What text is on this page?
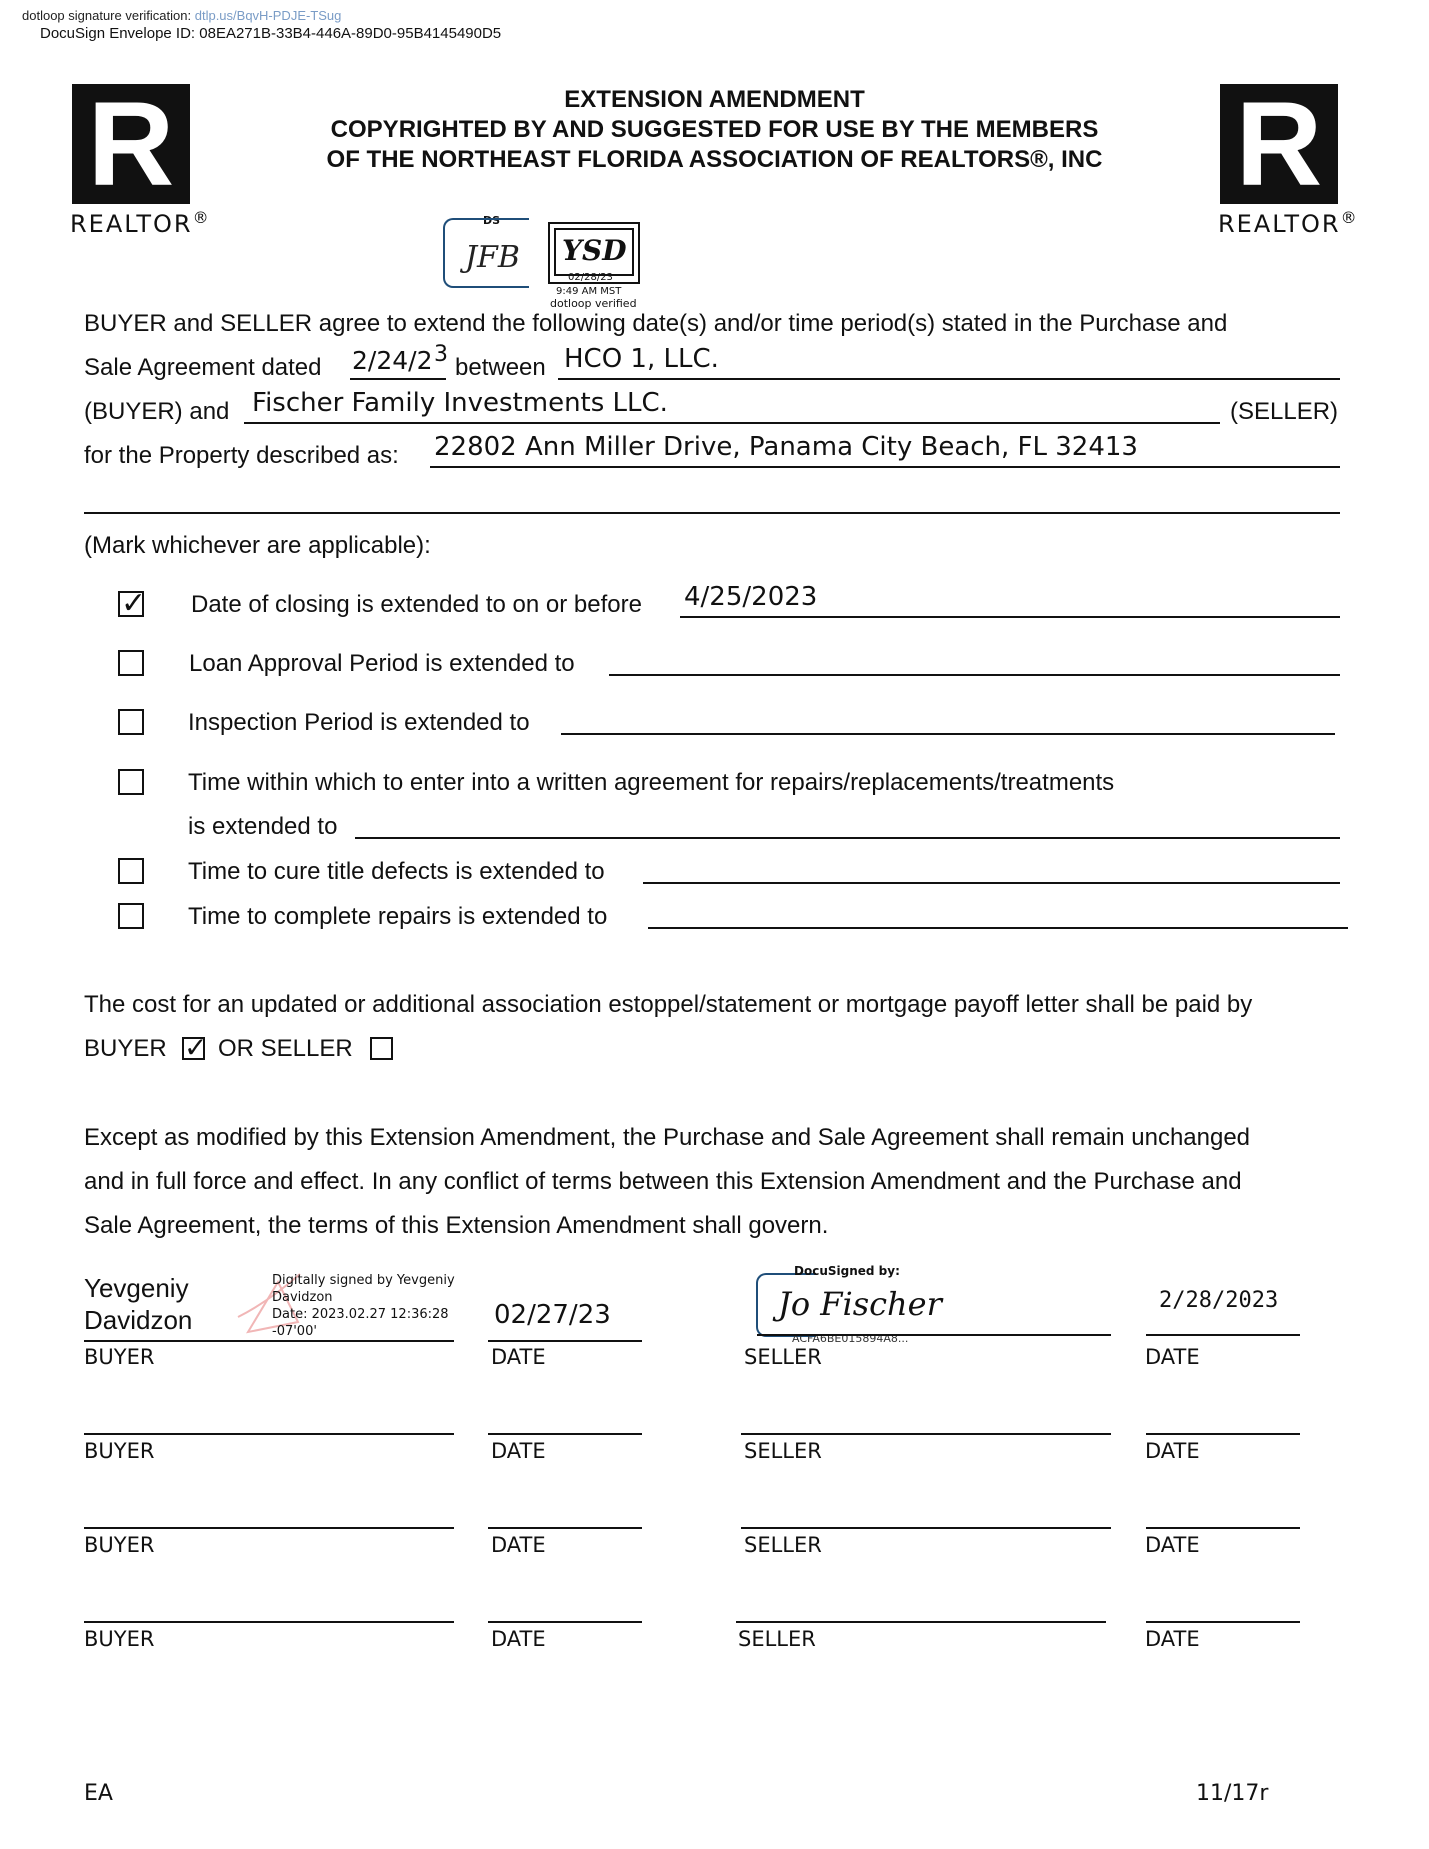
dotloop signature verification: dtlp.us/BqvH-PDJE-TSug
DocuSign Envelope ID: 08EA271B-33B4-446A-89D0-95B4145490D5
R
REALTOR®
R
REALTOR®
EXTENSION AMENDMENT
COPYRIGHTED BY AND SUGGESTED FOR USE BY THE MEMBERS
OF THE NORTHEAST FLORIDA ASSOCIATION OF REALTORS®, INC
DS
JFB YSD
02/28/23
9:49 AM MST
dotloop verified
BUYER and SELLER agree to extend the following date(s) and/or time period(s) stated in the Purchase and
Sale Agreement dated 2/24/2 3 between HCO 1, LLC.
(BUYER) and Fischer Family Investments LLC.	(SELLER)
for the Property described as: 22802 Ann Miller Drive, Panama City Beach, FL 32413
(Mark whichever are applicable):
✓ Date of closing is extended to on or before 4/25/2023
Loan Approval Period is extended to
Inspection Period is extended to
Time within which to enter into a written agreement for repairs/replacements/treatments
is extended to
Time to cure title defects is extended to
Time to complete repairs is extended to
The cost for an updated or additional association estoppel/statement or mortgage payoff letter shall be paid by
BUYER ✓ OR SELLER
Except as modified by this Extension Amendment, the Purchase and Sale Agreement shall remain unchanged
and in full force and effect. In any conflict of terms between this Extension Amendment and the Purchase and
Sale Agreement, the terms of this Extension Amendment shall govern.
Yevgeniy
Davidzon
Digitally signed by Yevgeniy
Davidzon
Date: 2023.02.27 12:36:28
-07'00'
02/27/23
DocuSigned by:
Jo Fischer
ACFA6BE015894A8...
2/28/2023
BUYER	DATE	SELLER	DATE
BUYER	DATE	SELLER	DATE
BUYER	DATE	SELLER	DATE
BUYER	DATE	SELLER	DATE
EA	11/17r
